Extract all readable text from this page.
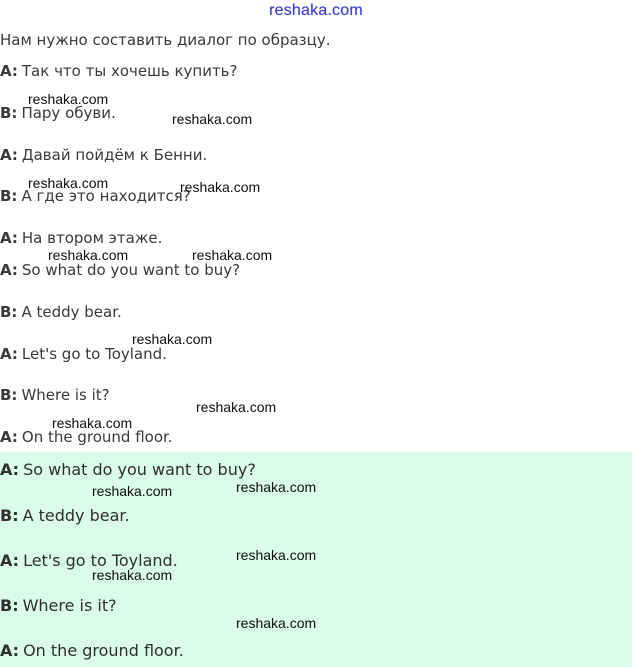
reshaka.com
Нам нужно составить диалог по образцу.
A: Так что ты хочешь купить?
B: Пару обуви.
A: Давай пойдём к Бенни.
B: А где это находится?
A: На втором этаже.
A: So what do you want to buy?
B: A teddy bear.
A: Let's go to Toyland.
B: Where is it?
A: On the ground floor.
A: So what do you want to buy?
B: A teddy bear.
A: Let's go to Toyland.
B: Where is it?
A: On the ground floor.
reshaka.com
reshaka.com
reshaka.com	reshaka.com
reshaka.com	reshaka.com
reshaka.com
reshaka.com
reshaka.com
reshaka.com
reshaka.com
reshaka.com
reshaka.com
reshaka.com
